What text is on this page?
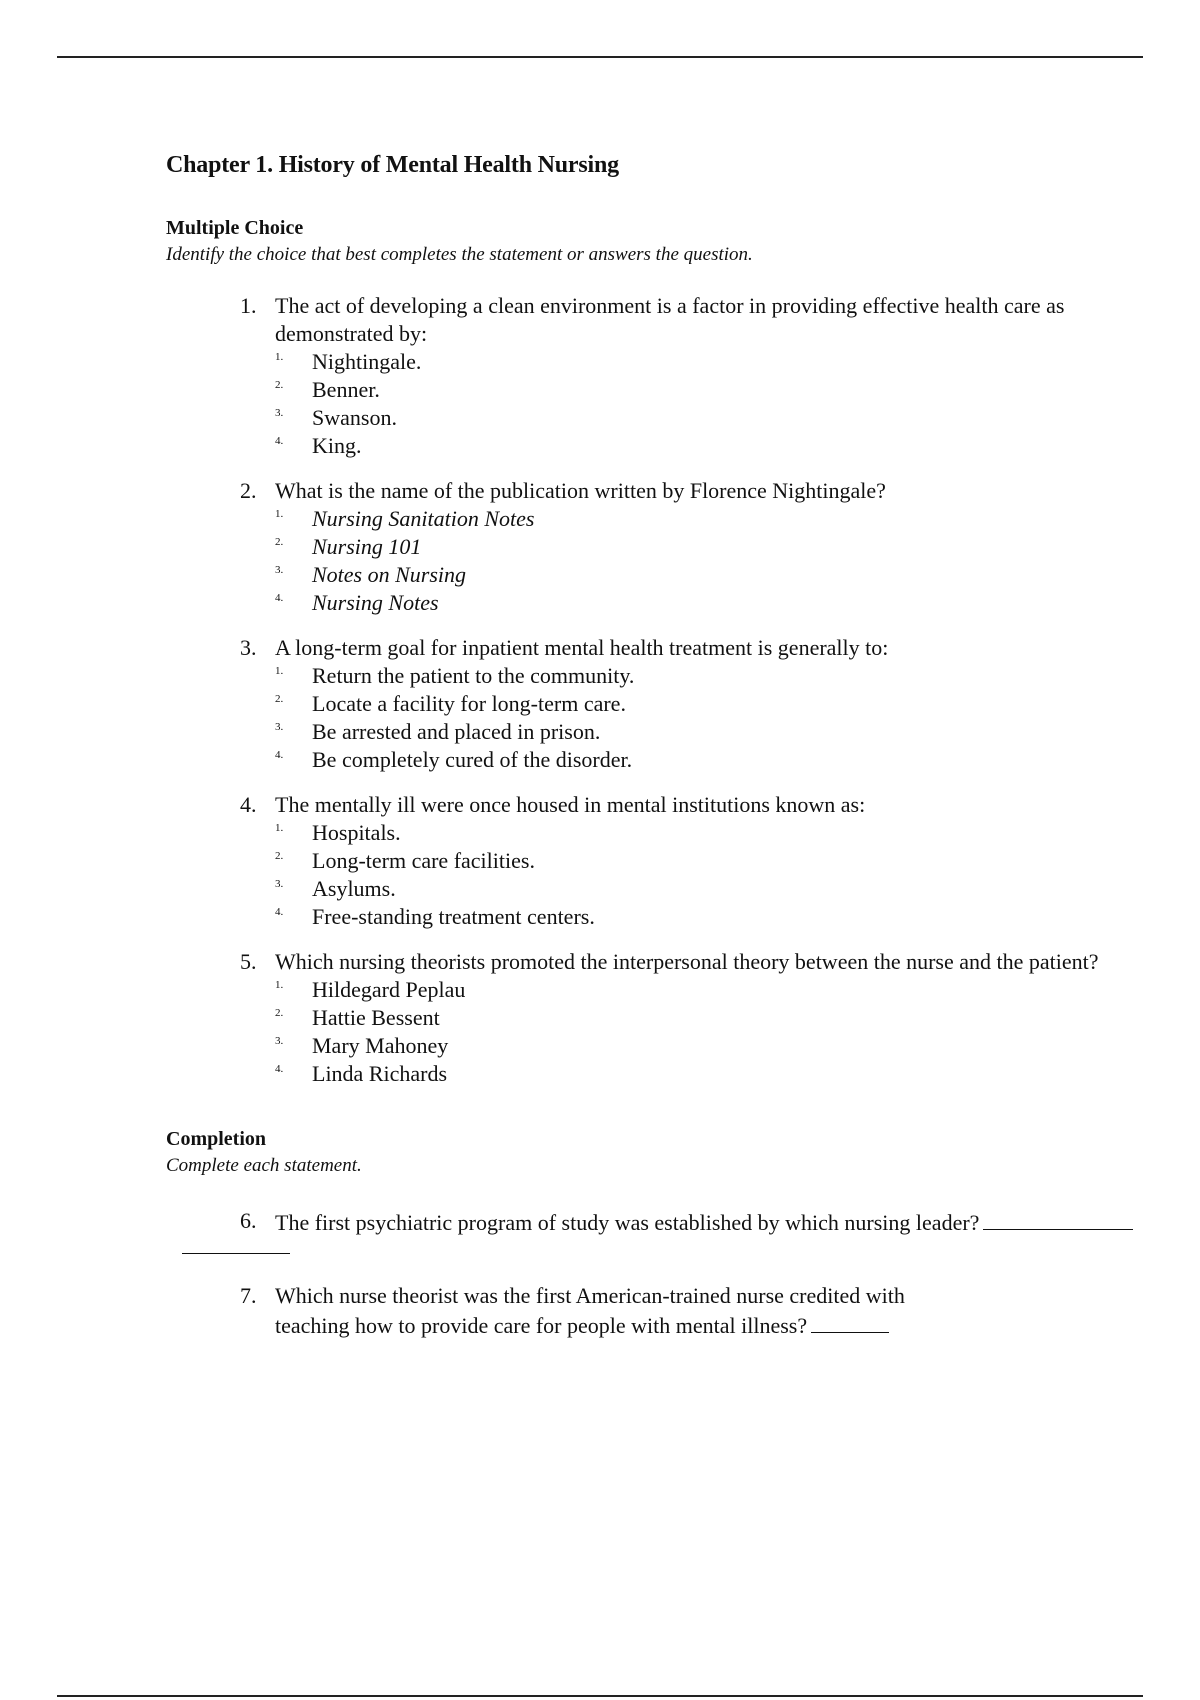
Chapter 1. History of Mental Health Nursing
Multiple Choice

Identify the choice that best completes the statement or answers the question.

1. The act of developing a clean environment is a factor in providing effective health care as demonstrated by:
1. Nightingale.
2. Benner.
3. Swanson.
4. King.
2. What is the name of the publication written by Florence Nightingale?
1. Nursing Sanitation Notes
2. Nursing 101
3. Notes on Nursing
4. Nursing Notes
3. A long-term goal for inpatient mental health treatment is generally to:
1. Return the patient to the community.
2. Locate a facility for long-term care.
3. Be arrested and placed in prison.
4. Be completely cured of the disorder.
4. The mentally ill were once housed in mental institutions known as:
1. Hospitals.
2. Long-term care facilities.
3. Asylums.
4. Free-standing treatment centers.
5. Which nursing theorists promoted the interpersonal theory between the nurse and the patient?
1. Hildegard Peplau
2. Hattie Bessent
3. Mary Mahoney
4. Linda Richards
Completion

Complete each statement.

6. The first psychiatric program of study was established by which nursing leader?
7. Which nurse theorist was the first American-trained nurse credited with teaching how to provide care for people with mental illness?
